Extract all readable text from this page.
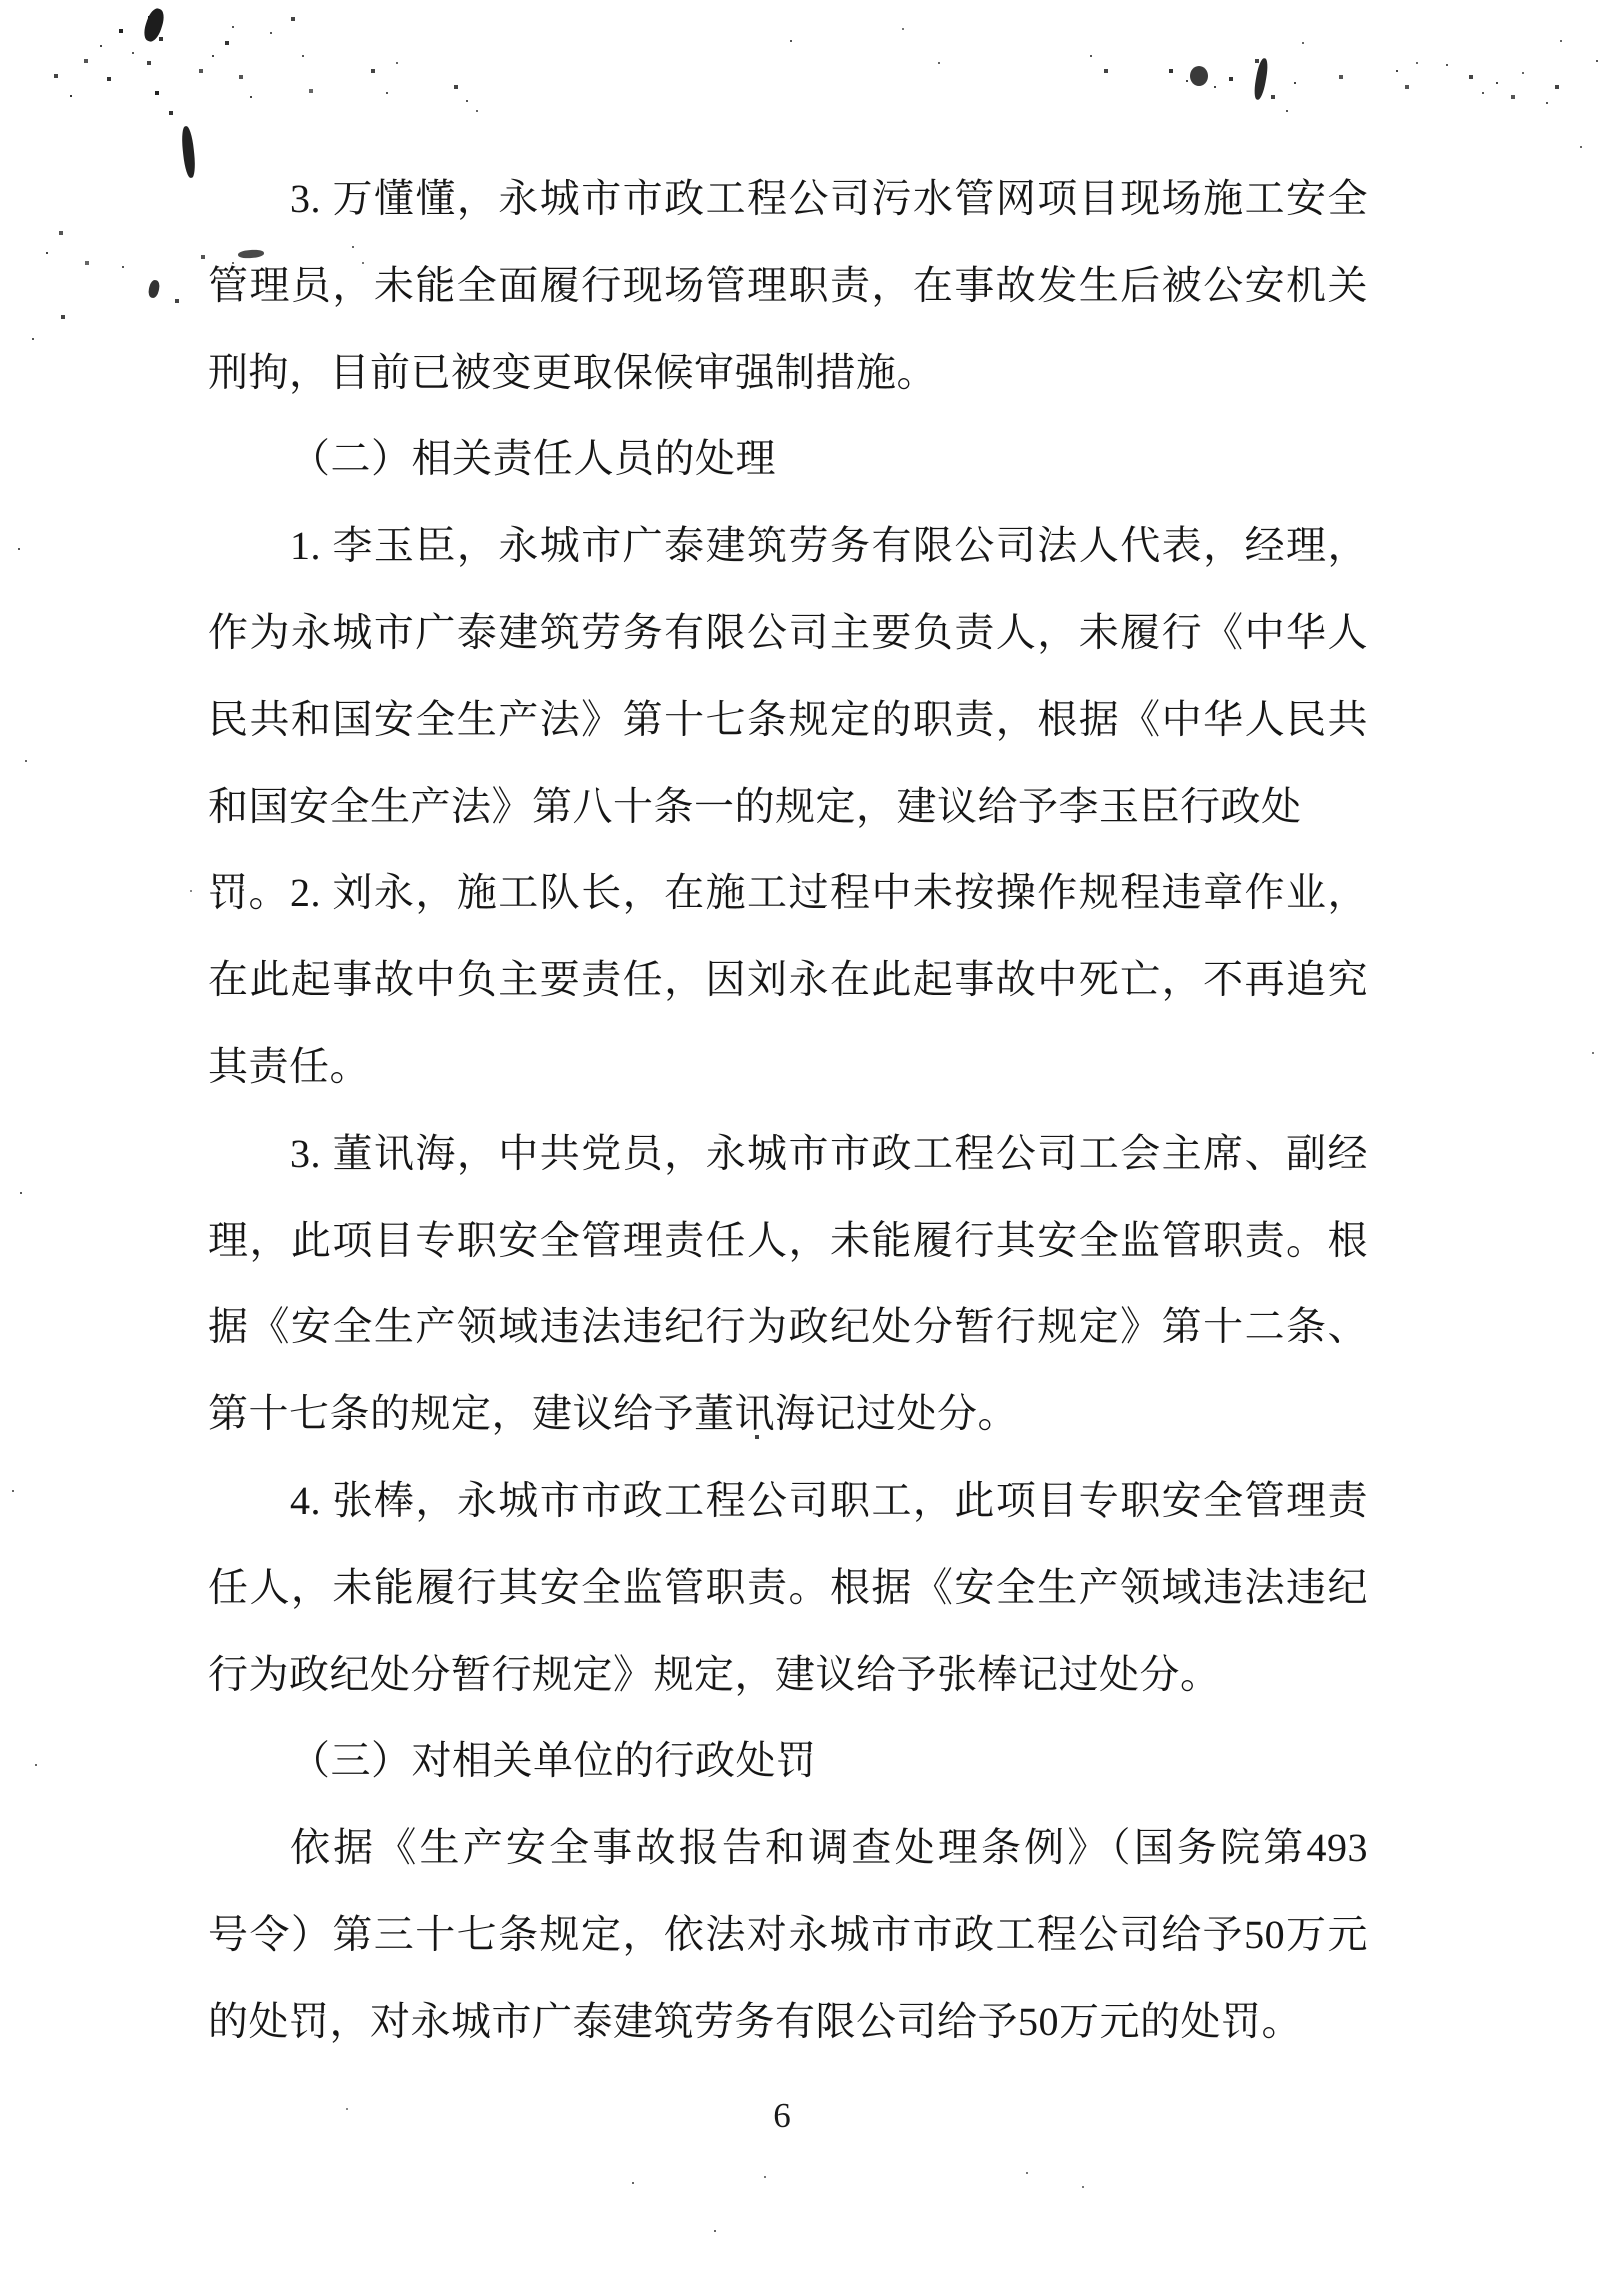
3. 万懂懂，永城市市政工程公司污水管网项目现场施工安全
管理员，未能全面履行现场管理职责，在事故发生后被公安机关
刑拘，目前已被变更取保候审强制措施。
（二）相关责任人员的处理
1. 李玉臣，永城市广泰建筑劳务有限公司法人代表，经理，
作为永城市广泰建筑劳务有限公司主要负责人，未履行《中华人
民共和国安全生产法》第十七条规定的职责，根据《中华人民共
和国安全生产法》第八十条一的规定，建议给予李玉臣行政处罚。 2. 刘永，施工队长，在施工过程中未按操作规程违章作业，
在此起事故中负主要责任，因刘永在此起事故中死亡，不再追究
其责任。
3. 董讯海，中共党员，永城市市政工程公司工会主席、副经
理，此项目专职安全管理责任人，未能履行其安全监管职责。根
据《安全生产领域违法违纪行为政纪处分暂行规定》第十二条、
第十七条的规定，建议给予董讯海记过处分。
4. 张棒，永城市市政工程公司职工，此项目专职安全管理责
任人，未能履行其安全监管职责。根据《安全生产领域违法违纪
行为政纪处分暂行规定》规定，建议给予张棒记过处分。
（三）对相关单位的行政处罚
依据《生产安全事故报告和调查处理条例》（国务院第493
号令）第三十七条规定，依法对永城市市政工程公司给予50万元
的处罚，对永城市广泰建筑劳务有限公司给予50万元的处罚。
6
